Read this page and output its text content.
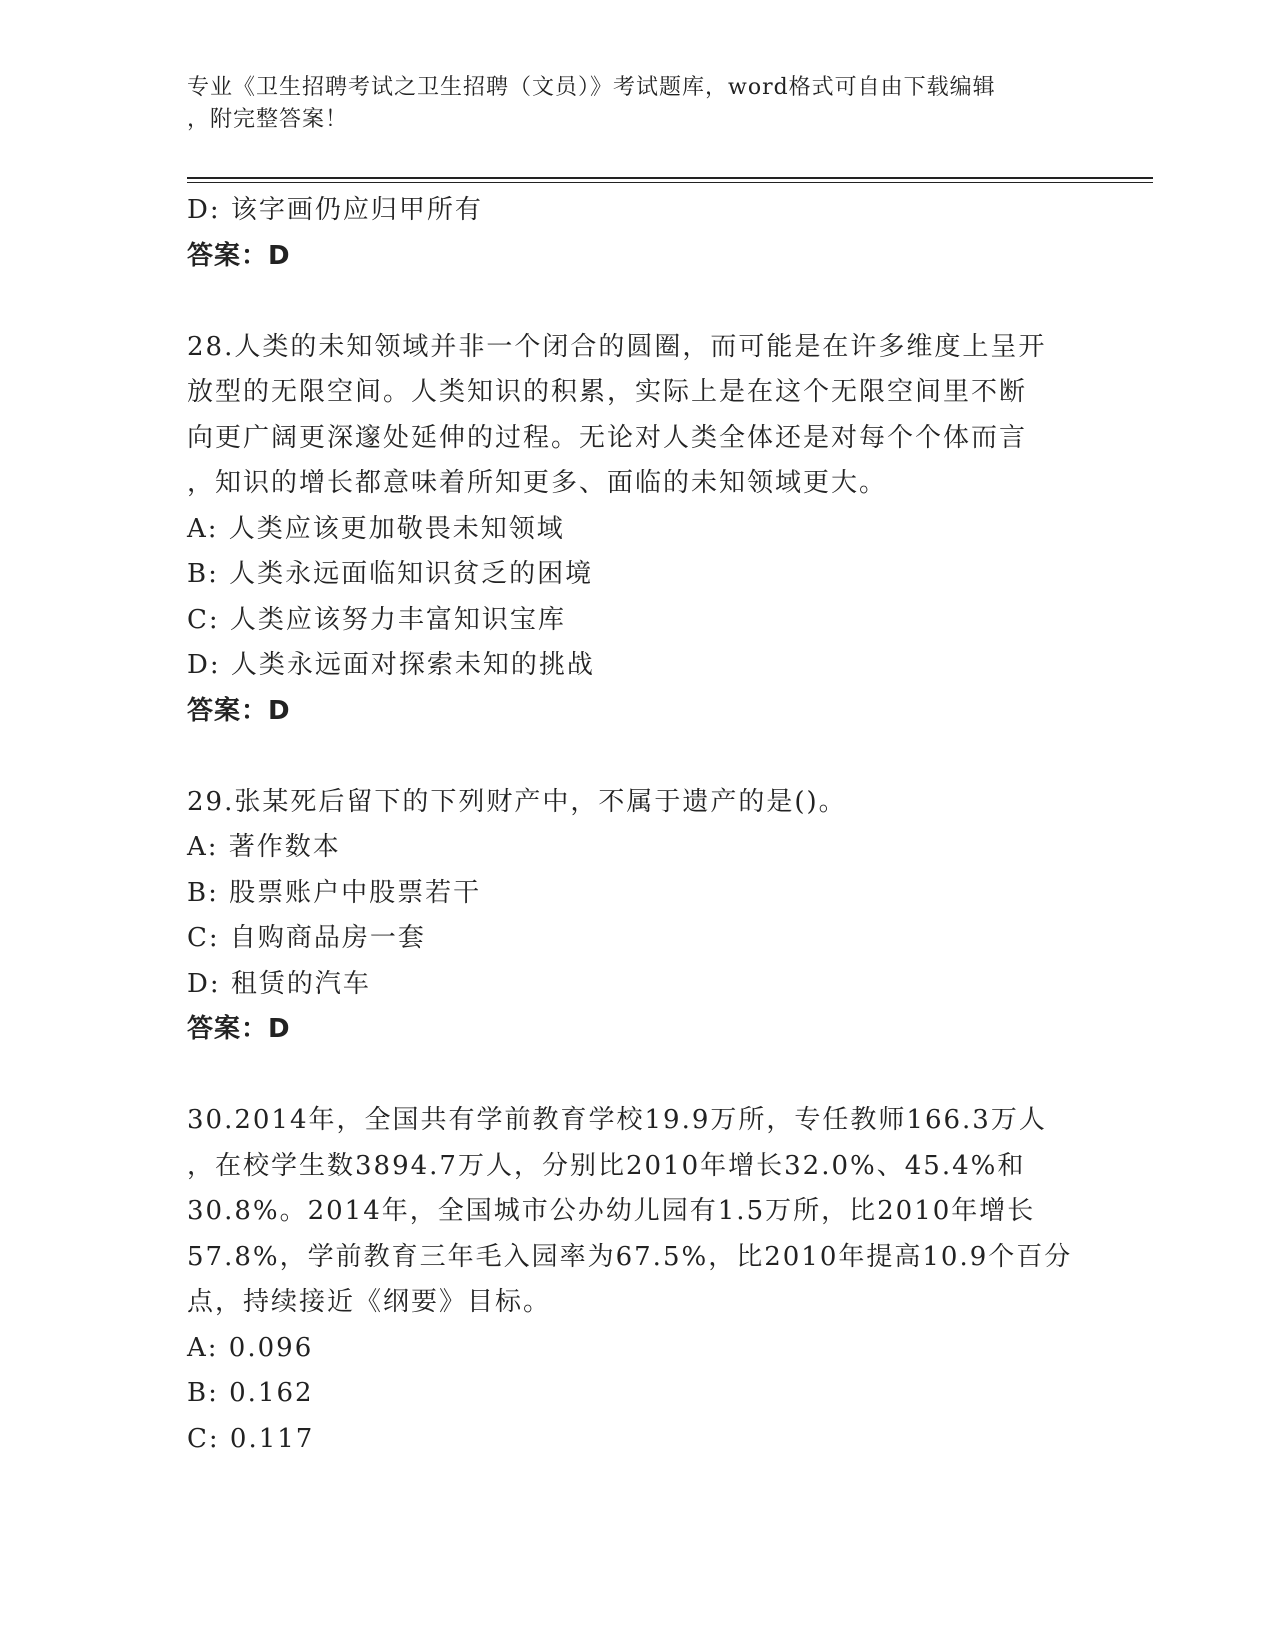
专业《卫生招聘考试之卫生招聘（文员）》考试题库，word格式可自由下载编辑
，附完整答案！

D: 该字画仍应归甲所有

答案：D

28.人类的未知领域并非一个闭合的圆圈，而可能是在许多维度上呈开

放型的无限空间。人类知识的积累，实际上是在这个无限空间里不断

向更广阔更深邃处延伸的过程。无论对人类全体还是对每个个体而言

，知识的增长都意味着所知更多、面临的未知领域更大。

A: 人类应该更加敬畏未知领域

B: 人类永远面临知识贫乏的困境

C: 人类应该努力丰富知识宝库

D: 人类永远面对探索未知的挑战

答案：D

29.张某死后留下的下列财产中，不属于遗产的是()。

A: 著作数本

B: 股票账户中股票若干

C: 自购商品房一套

D: 租赁的汽车

答案：D

30.2014年，全国共有学前教育学校19.9万所，专任教师166.3万人

，在校学生数3894.7万人，分别比2010年增长32.0%、45.4%和

30.8%。2014年，全国城市公办幼儿园有1.5万所，比2010年增长

57.8%，学前教育三年毛入园率为67.5%，比2010年提高10.9个百分

点，持续接近《纲要》目标。

A: 0.096

B: 0.162

C: 0.117
